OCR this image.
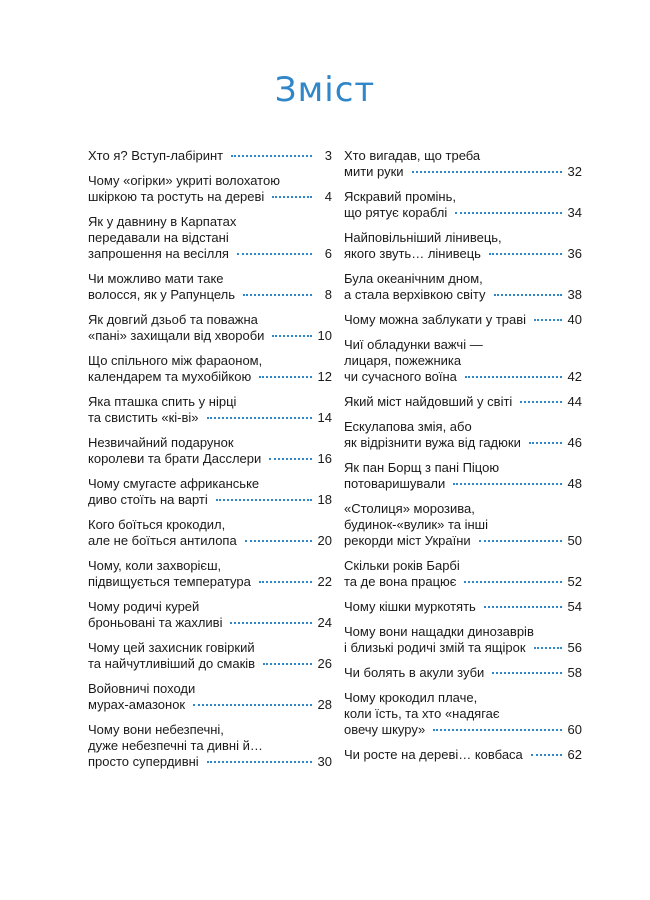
Зміст
Хто я? Вступ-лабіринт	3
Чому «огірки» укриті волохатою
шкіркою та ростуть на дереві	4
Як у давнину в Карпатах
передавали на відстані
запрошення на весілля	6
Чи можливо мати таке
волосся, як у Рапунцель	8
Як довгий дзьоб та поважна
«пані» захищали від хвороби	10
Що спільного між фараоном,
календарем та мухобійкою	12
Яка пташка спить у нірці
та свистить «кі-ві»	14
Незвичайний подарунок
королеви та брати Дасслери	16
Чому смугасте африканське
диво стоїть на варті	18
Кого боїться крокодил,
але не боїться антилопа	20
Чому, коли захворієш,
підвищується температура	22
Чому родичі курей
броньовані та жахливі	24
Чому цей захисник говіркий
та найчутливіший до смаків	26
Войовничі походи
мурах-амазонок	28
Чому вони небезпечні,
дуже небезпечні та дивні й…
просто супердивні	30
Хто вигадав, що треба
мити руки	32
Яскравий промінь,
що рятує кораблі	34
Найповільніший ліниве​ць,
якого звуть… лінивець	36
Була океанічним дном,
а стала верхівкою світу	38
Чому можна заблукати у траві	40
Чиї обладунки важчі —
лицаря, пожежника
чи сучасного воїна	42
Який міст найдовший у світі	44
Ескулапова змія, або
як відрізнити вужа від гадюки	46
Як пан Борщ з пані Піцою
потоваришували	48
«Столиця» морозива,
будинок-«вулик» та інші
рекорди міст України	50
Скільки років Барбі
та де вона працює	52
Чому кішки муркотять	54
Чому вони нащадки динозаврів
і близькі родичі змій та ящірок	56
Чи болять в акули зуби	58
Чому крокодил плаче,
коли їсть, та хто «надягає
овечу шкуру»	60
Чи росте на дереві… ковбаса	62
